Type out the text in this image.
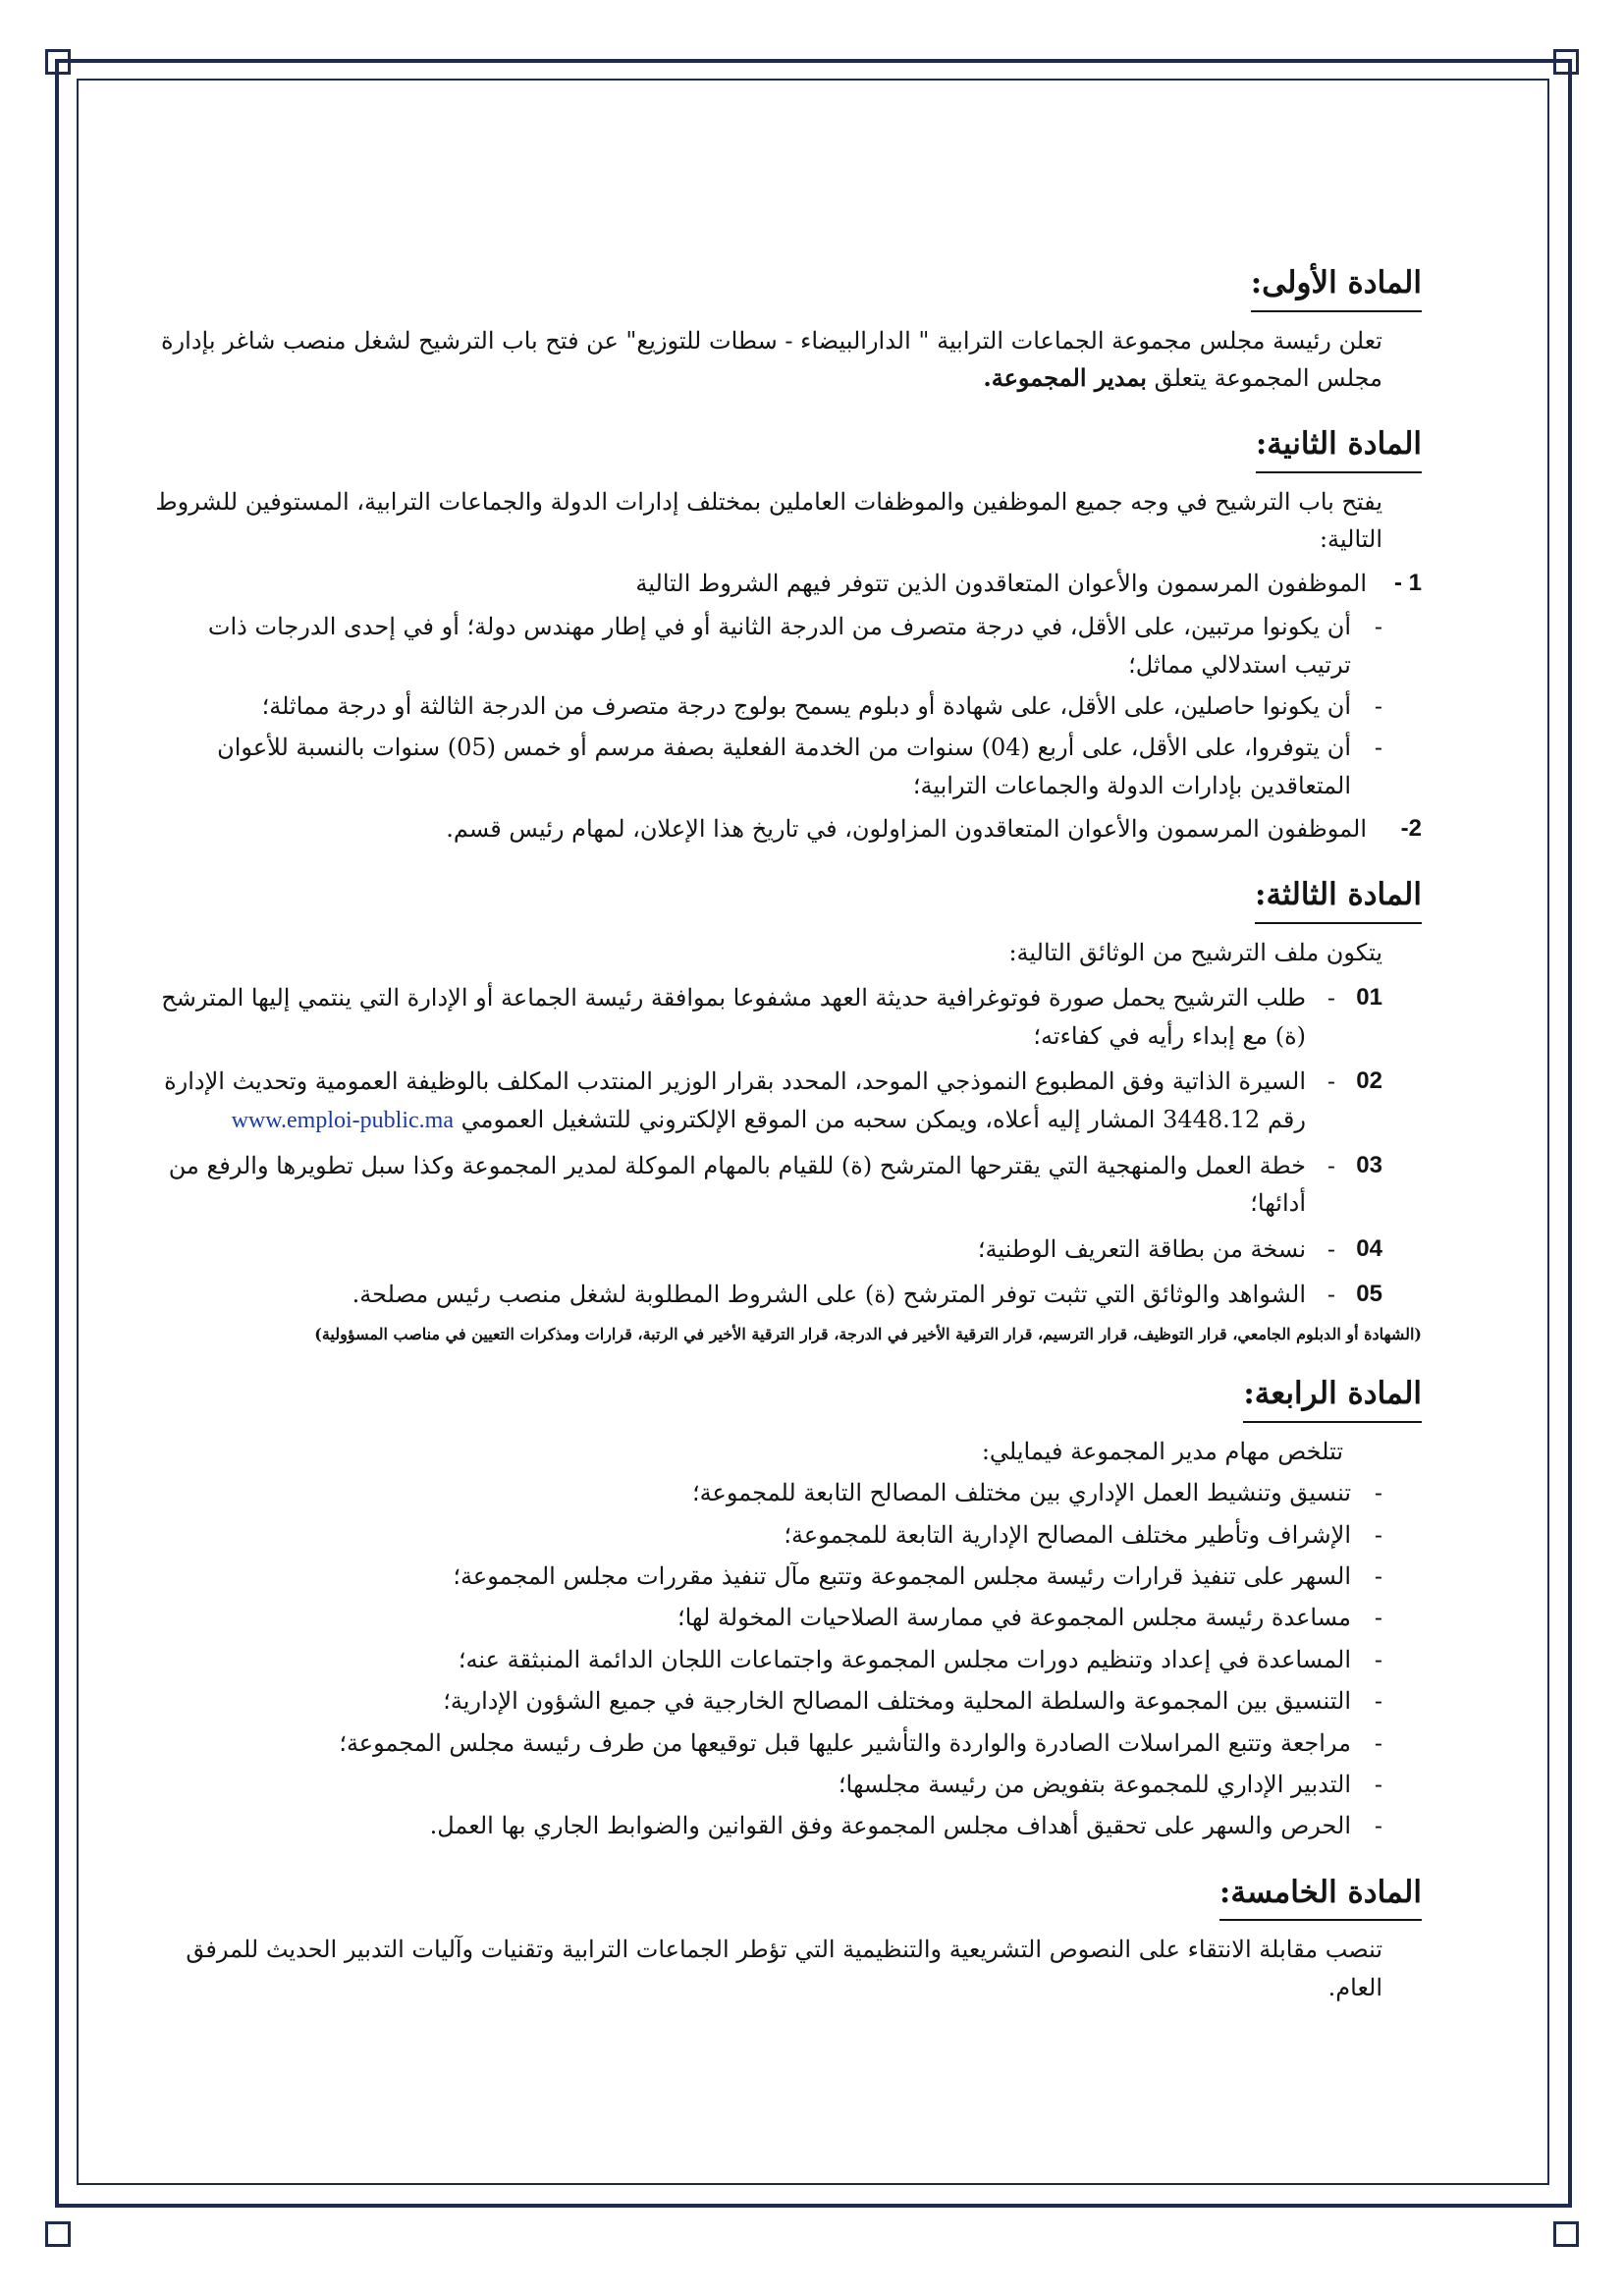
المادة الأولى:

تعلن رئيسة مجلس مجموعة الجماعات الترابية " الدارالبيضاء - سطات للتوزيع" عن فتح باب الترشيح لشغل منصب شاغر بإدارة مجلس المجموعة يتعلق بمدير المجموعة.

المادة الثانية:

يفتح باب الترشيح في وجه جميع الموظفين والموظفات العاملين بمختلف إدارات الدولة والجماعات الترابية، المستوفين للشروط التالية:

1 -
الموظفون المرسمون والأعوان المتعاقدون الذين تتوفر فيهم الشروط التالية
-
أن يكونوا مرتبين، على الأقل، في درجة متصرف من الدرجة الثانية أو في إطار مهندس دولة؛ أو في إحدى الدرجات ذات ترتيب استدلالي مماثل؛
-
أن يكونوا حاصلين، على الأقل، على شهادة أو دبلوم يسمح بولوج درجة متصرف من الدرجة الثالثة أو درجة مماثلة؛
-
أن يتوفروا، على الأقل، على أربع (04) سنوات من الخدمة الفعلية بصفة مرسم أو خمس (05) سنوات بالنسبة للأعوان المتعاقدين بإدارات الدولة والجماعات الترابية؛
2-
الموظفون المرسمون والأعوان المتعاقدون المزاولون، في تاريخ هذا الإعلان، لمهام رئيس قسم.
المادة الثالثة:

يتكون ملف الترشيح من الوثائق التالية:

01
-
طلب الترشيح يحمل صورة فوتوغرافية حديثة العهد مشفوعا بموافقة رئيسة الجماعة أو الإدارة التي ينتمي إليها المترشح (ة) مع إبداء رأيه في كفاءته؛
02
-
السيرة الذاتية وفق المطبوع النموذجي الموحد، المحدد بقرار الوزير المنتدب المكلف بالوظيفة العمومية وتحديث الإدارة رقم 3448.12 المشار إليه أعلاه، ويمكن سحبه من الموقع الإلكتروني للتشغيل العمومي www.emploi-public.ma
03
-
خطة العمل والمنهجية التي يقترحها المترشح (ة) للقيام بالمهام الموكلة لمدير المجموعة وكذا سبل تطويرها والرفع من أدائها؛
04
-
نسخة من بطاقة التعريف الوطنية؛
05
-
الشواهد والوثائق التي تثبت توفر المترشح (ة) على الشروط المطلوبة لشغل منصب رئيس مصلحة.

(الشهادة أو الدبلوم الجامعي، قرار التوظيف، قرار الترسيم، قرار الترقية الأخير في الدرجة، قرار الترقية الأخير في الرتبة، قرارات ومذكرات التعيين في مناصب المسؤولية)

المادة الرابعة:

تتلخص مهام مدير المجموعة فيمايلي:

-
تنسيق وتنشيط العمل الإداري بين مختلف المصالح التابعة للمجموعة؛
-
الإشراف وتأطير مختلف المصالح الإدارية التابعة للمجموعة؛
-
السهر على تنفيذ قرارات رئيسة مجلس المجموعة وتتبع مآل تنفيذ مقررات مجلس المجموعة؛
-
مساعدة رئيسة مجلس المجموعة في ممارسة الصلاحيات المخولة لها؛
-
المساعدة في إعداد وتنظيم دورات مجلس المجموعة واجتماعات اللجان الدائمة المنبثقة عنه؛
-
التنسيق بين المجموعة والسلطة المحلية ومختلف المصالح الخارجية في جميع الشؤون الإدارية؛
-
مراجعة وتتبع المراسلات الصادرة والواردة والتأشير عليها قبل توقيعها من طرف رئيسة مجلس المجموعة؛
-
التدبير الإداري للمجموعة بتفويض من رئيسة مجلسها؛
-
الحرص والسهر على تحقيق أهداف مجلس المجموعة وفق القوانين والضوابط الجاري بها العمل.
المادة الخامسة:

تنصب مقابلة الانتقاء على النصوص التشريعية والتنظيمية التي تؤطر الجماعات الترابية وتقنيات وآليات التدبير الحديث للمرفق العام.
